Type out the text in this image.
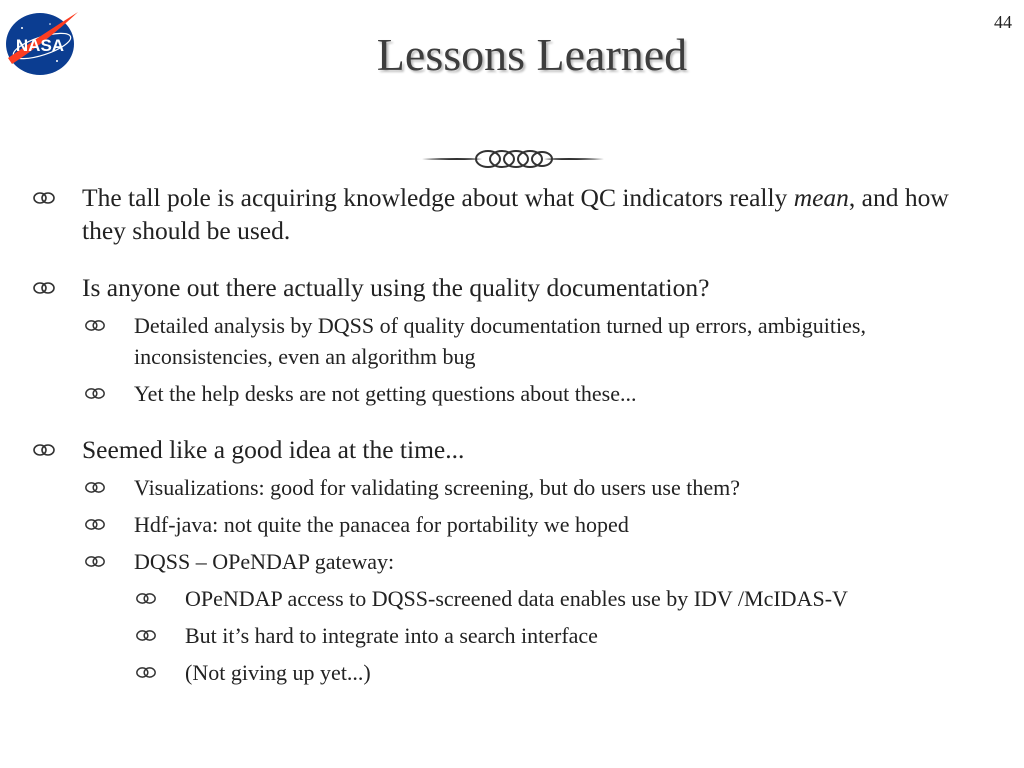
NASA
44
Lessons Learned
The tall pole is acquiring knowledge about what QC indicators really mean, and how they should be used.
Is anyone out there actually using the quality documentation?
Detailed analysis by DQSS of quality documentation turned up errors, ambiguities, inconsistencies, even an algorithm bug
Yet the help desks are not getting questions about these...
Seemed like a good idea at the time...
Visualizations: good for validating screening, but do users use them?
Hdf-java: not quite the panacea for portability we hoped
DQSS – OPeNDAP gateway:
OPeNDAP access to DQSS-screened data enables use by IDV /McIDAS-V
But it’s hard to integrate into a search interface
(Not giving up yet...)
